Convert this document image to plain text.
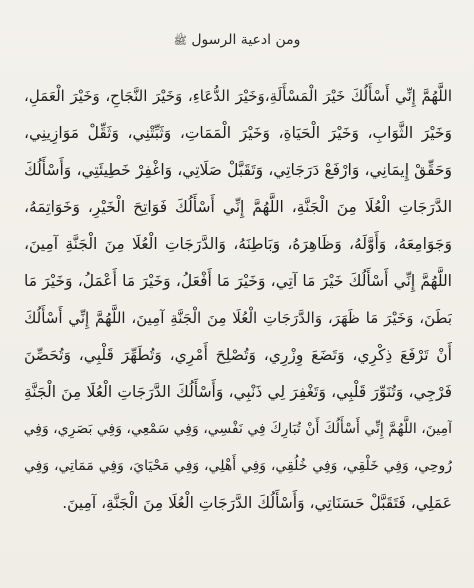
ومن ادعية الرسول ﷺ
اللَّهُمَّ إِنِّي أَسْأَلُكَ خَيْرَ الْمَسْأَلَةِ،وَخَيْرَ الدُّعَاءِ، وَخَيْرَ النَّجَاحِ، وَخَيْرَ الْعَمَلِ،
وَخَيْرَ الثَّوَابِ، وَخَيْرَ الْحَيَاةِ، وَخَيْرَ الْمَمَاتِ، وَثَبِّتْنِي، وَثَقِّلْ مَوَازِينِي،
وَحَقِّقْ إِيمَانِي، وَارْفَعْ دَرَجَاتِي، وَتَقَبَّلْ صَلَاتِي، وَاغْفِرْ خَطِيئَتِي، وَأَسْأَلُكَ
الدَّرَجَاتِ الْعُلَا مِنَ الْجَنَّةِ، اللَّهُمَّ إِنِّي أَسْأَلُكَ فَوَاتِحَ الْخَيْرِ، وَخَوَاتِمَهُ،
وَجَوَامِعَهُ، وَأَوَّلَهُ، وَظَاهِرَهُ، وَبَاطِنَهُ، وَالدَّرَجَاتِ الْعُلَا مِنَ الْجَنَّةِ آمِينَ،
اللَّهُمَّ إِنِّي أَسْأَلُكَ خَيْرَ مَا آتِي، وَخَيْرَ مَا أَفْعَلُ، وَخَيْرَ مَا أَعْمَلُ، وَخَيْرَ مَا
بَطَنَ، وَخَيْرَ مَا ظَهَرَ، وَالدَّرَجَاتِ الْعُلَا مِنَ الْجَنَّةِ آمِينَ، اللَّهُمَّ إِنِّي أَسْأَلُكَ
أَنْ تَرْفَعَ ذِكْرِي، وَتَضَعَ وِزْرِي، وَتُصْلِحَ أَمْرِي، وَتُطَهِّرَ قَلْبِي، وَتُحَصِّنَ
فَرْجِي، وَتُنَوِّرَ قَلْبِي، وَتَغْفِرَ لِي ذَنْبِي، وَأَسْأَلُكَ الدَّرَجَاتِ الْعُلَا مِنَ الْجَنَّةِ
آمِينَ، اللَّهُمَّ إِنِّي أَسْأَلُكَ أَنْ تُبَارِكَ فِي نَفْسِي، وَفِي سَمْعِي، وَفِي بَصَرِي، وَفِي
رُوحِي، وَفِي خَلْقِي، وَفِي خُلُقِي، وَفِي أَهْلِي، وَفِي مَحْيَايَ، وَفِي مَمَاتِي، وَفِي
عَمَلِي، فَتَقَبَّلْ حَسَنَاتِي، وَأَسْأَلُكَ الدَّرَجَاتِ الْعُلَا مِنَ الْجَنَّةِ، آمِينَ.
